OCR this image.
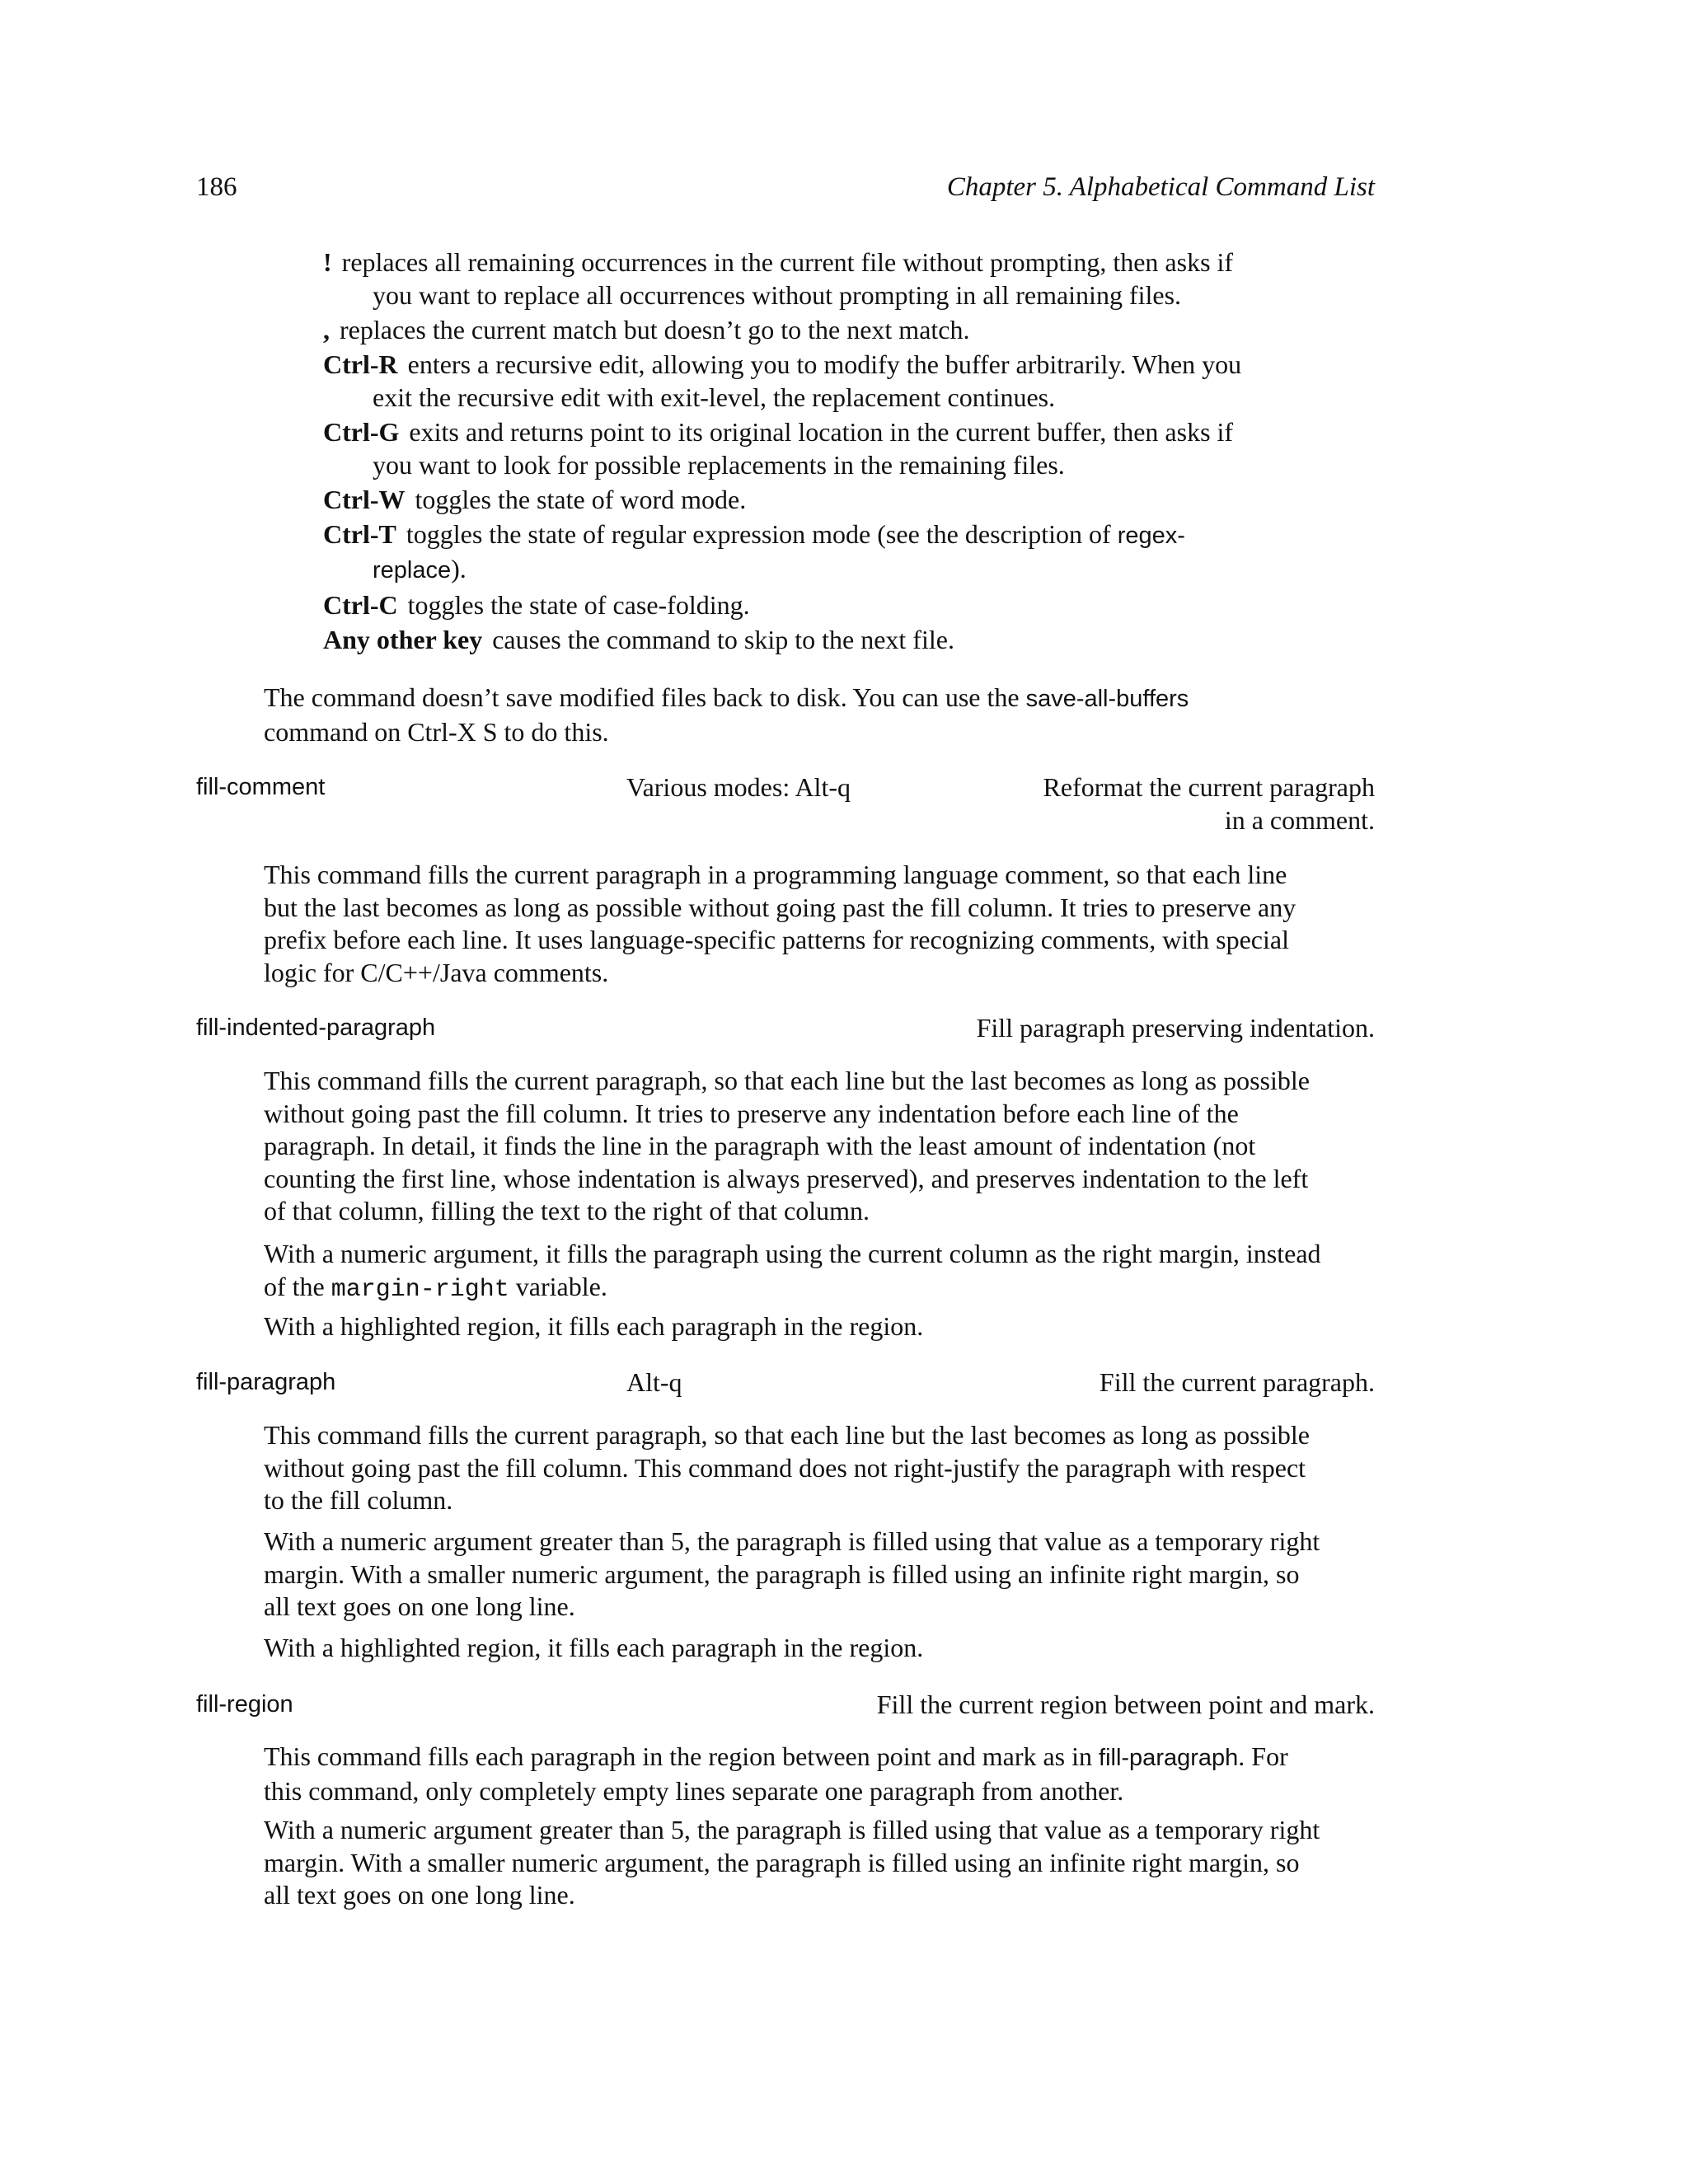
186	Chapter 5. Alphabetical Command List
! replaces all remaining occurrences in the current file without prompting, then asks if you want to replace all occurrences without prompting in all remaining files.
, replaces the current match but doesn’t go to the next match.
Ctrl-R enters a recursive edit, allowing you to modify the buffer arbitrarily. When you exit the recursive edit with exit-level, the replacement continues.
Ctrl-G exits and returns point to its original location in the current buffer, then asks if you want to look for possible replacements in the remaining files.
Ctrl-W toggles the state of word mode.
Ctrl-T toggles the state of regular expression mode (see the description of regex-replace).
Ctrl-C toggles the state of case-folding.
Any other key causes the command to skip to the next file.

The command doesn’t save modified files back to disk. You can use the save-all-buffers command on Ctrl-X S to do this.

fill-comment	Various modes: Alt-q	Reformat the current paragraph in a comment.

This command fills the current paragraph in a programming language comment, so that each line but the last becomes as long as possible without going past the fill column. It tries to preserve any prefix before each line. It uses language-specific patterns for recognizing comments, with special logic for C/C++/Java comments.

fill-indented-paragraph	Fill paragraph preserving indentation.

This command fills the current paragraph, so that each line but the last becomes as long as possible without going past the fill column. It tries to preserve any indentation before each line of the paragraph. In detail, it finds the line in the paragraph with the least amount of indentation (not counting the first line, whose indentation is always preserved), and preserves indentation to the left of that column, filling the text to the right of that column.

With a numeric argument, it fills the paragraph using the current column as the right margin, instead of the margin-right variable.

With a highlighted region, it fills each paragraph in the region.

fill-paragraph	Alt-q	Fill the current paragraph.

This command fills the current paragraph, so that each line but the last becomes as long as possible without going past the fill column. This command does not right-justify the paragraph with respect to the fill column.

With a numeric argument greater than 5, the paragraph is filled using that value as a temporary right margin. With a smaller numeric argument, the paragraph is filled using an infinite right margin, so all text goes on one long line.

With a highlighted region, it fills each paragraph in the region.

fill-region	Fill the current region between point and mark.

This command fills each paragraph in the region between point and mark as in fill-paragraph. For this command, only completely empty lines separate one paragraph from another.

With a numeric argument greater than 5, the paragraph is filled using that value as a temporary right margin. With a smaller numeric argument, the paragraph is filled using an infinite right margin, so all text goes on one long line.
